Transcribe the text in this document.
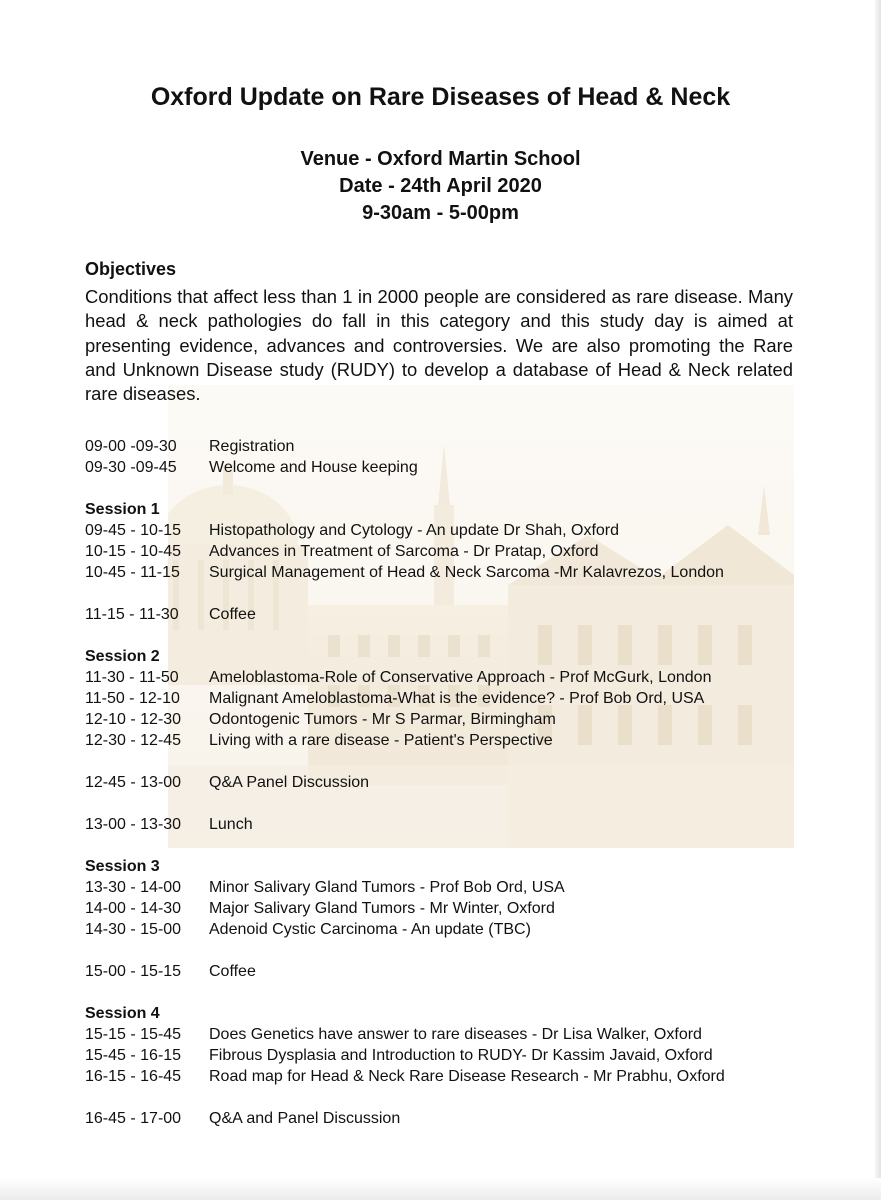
Oxford Update on Rare Diseases of Head & Neck
Venue - Oxford Martin School
Date - 24th April 2020
9-30am - 5-00pm
Objectives

Conditions that affect less than 1 in 2000 people are considered as rare disease. Many head & neck pathologies do fall in this category and this study day is aimed at presenting evidence, advances and controversies. We are also promoting the Rare and Unknown Disease study (RUDY) to develop a database of Head & Neck related rare diseases.

09-00 -09-30 Registration
09-30 -09-45 Welcome and House keeping
Session 1
09-45 - 10-15 Histopathology and Cytology - An update Dr Shah, Oxford
10-15 - 10-45 Advances in Treatment of Sarcoma - Dr Pratap, Oxford
10-45 - 11-15 Surgical Management of Head & Neck Sarcoma -Mr Kalavrezos, London
11-15 - 11-30 Coffee
Session 2
11-30 - 11-50 Ameloblastoma-Role of Conservative Approach - Prof McGurk, London
11-50 - 12-10 Malignant Ameloblastoma-What is the evidence? - Prof Bob Ord, USA
12-10 - 12-30 Odontogenic Tumors - Mr S Parmar, Birmingham
12-30 - 12-45 Living with a rare disease - Patient's Perspective
12-45 - 13-00 Q&A Panel Discussion
13-00 - 13-30 Lunch
Session 3
13-30 - 14-00 Minor Salivary Gland Tumors - Prof Bob Ord, USA
14-00 - 14-30 Major Salivary Gland Tumors - Mr Winter, Oxford
14-30 - 15-00 Adenoid Cystic Carcinoma - An update (TBC)
15-00 - 15-15 Coffee
Session 4
15-15 - 15-45 Does Genetics have answer to rare diseases - Dr Lisa Walker, Oxford
15-45 - 16-15 Fibrous Dysplasia and Introduction to RUDY- Dr Kassim Javaid, Oxford
16-15 - 16-45 Road map for Head & Neck Rare Disease Research - Mr Prabhu, Oxford
16-45 - 17-00 Q&A and Panel Discussion
